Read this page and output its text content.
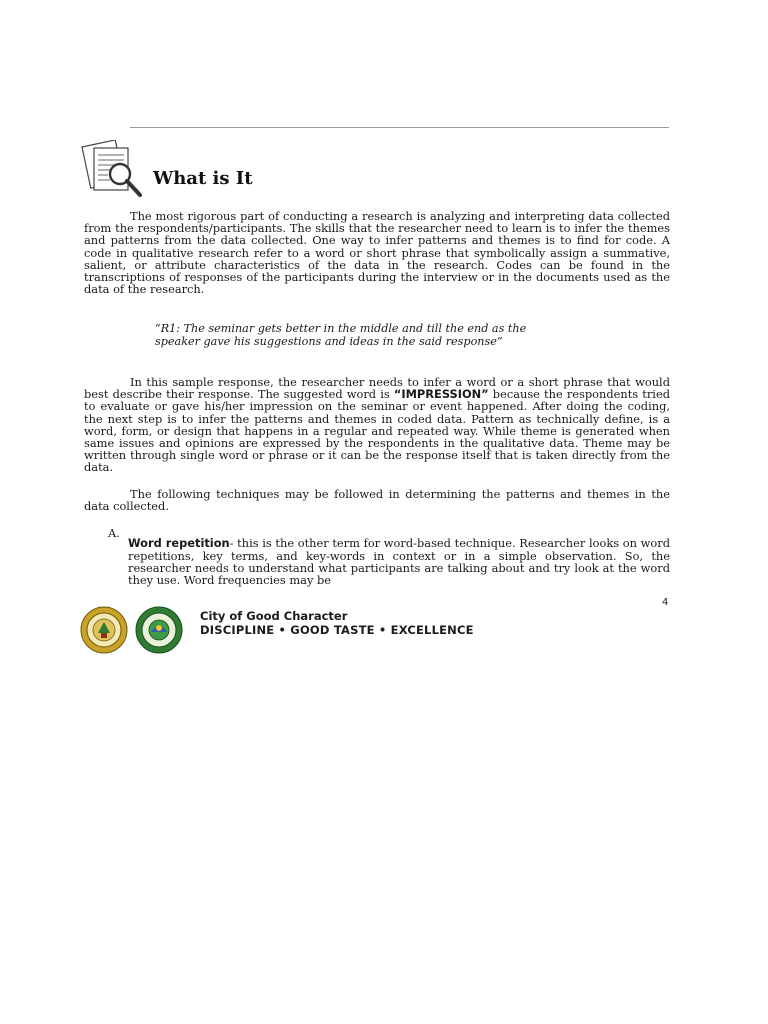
What is It

The most rigorous part of conducting a research is analyzing and interpreting data collected from the respondents/participants. The skills that the researcher need to learn is to infer the themes and patterns from the data collected. One way to infer patterns and themes is to find for code. A code in qualitative research refer to a word or short phrase that symbolically assign a summative, salient, or attribute characteristics of the data in the research. Codes can be found in the transcriptions of responses of the participants during the interview or in the documents used as the data of the research.

“R1: The seminar gets better in the middle and till the end as the speaker gave his suggestions and ideas in the said response”

In this sample response, the researcher needs to infer a word or a short phrase that would best describe their response. The suggested word is “IMPRESSION” because the respondents tried to evaluate or gave his/her impression on the seminar or event happened. After doing the coding, the next step is to infer the patterns and themes in coded data. Pattern as technically define, is a word, form, or design that happens in a regular and repeated way. While theme is generated when same issues and opinions are expressed by the respondents in the qualitative data. Theme may be written through single word or phrase or it can be the response itself that is taken directly from the data.

The following techniques may be followed in determining the patterns and themes in the data collected.

A.

Word repetition- this is the other term for word-based technique. Researcher looks on word repetitions, key terms, and key-words in context or in a simple observation. So, the researcher needs to understand what participants are talking about and try look at the word they use. Word frequencies may be

4

City of Good Character

DISCIPLINE • GOOD TASTE • EXCELLENCE
